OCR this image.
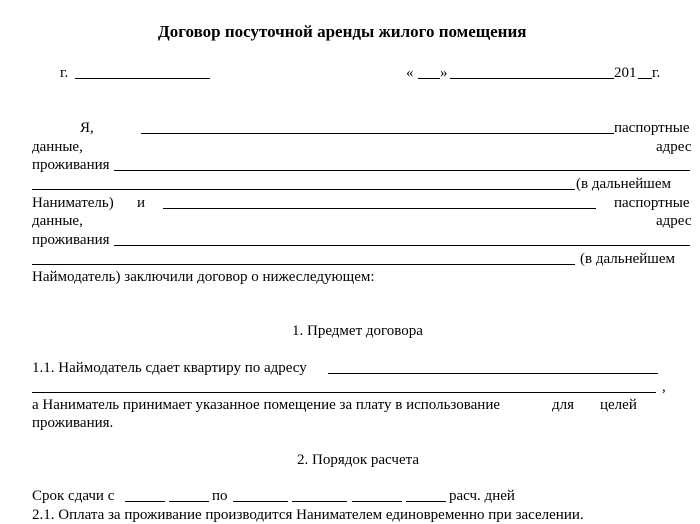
Договор посуточной аренды жилого помещения
г.	« »	201 г.
Я,	паспортные
данные,	адрес
проживания
(в дальнейшем
Наниматель) и	паспортные
данные,	адрес
проживания
(в дальнейшем
Наймодатель) заключили договор о нижеследующем:
1. Предмет договора
1.1. Наймодатель сдает квартиру по адресу
,
а Наниматель принимает указанное помещение за плату в использование	для целей
проживания.
2. Порядок расчета
Срок сдачи с	по	расч. дней
2.1. Оплата за проживание производится Нанимателем единовременно при заселении.
